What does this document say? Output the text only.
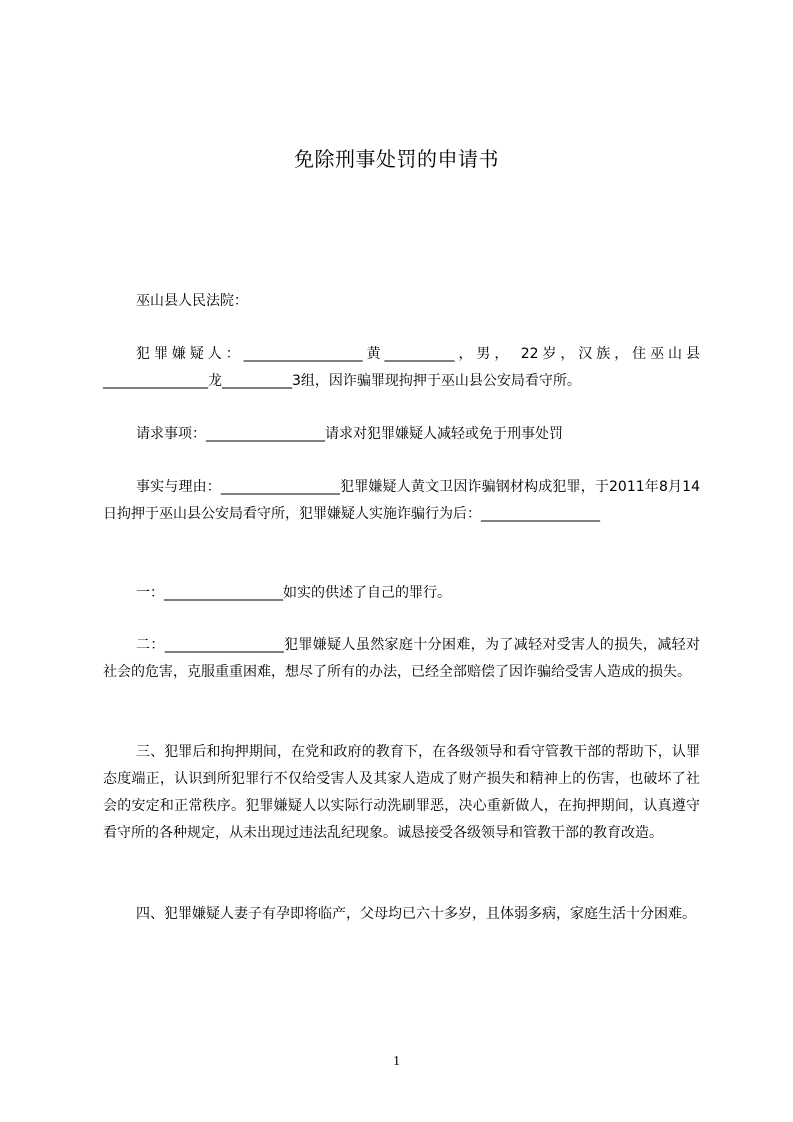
免除刑事处罚的申请书

巫山县人民法院：

犯罪嫌疑人：_________________黄__________，男， 22岁，汉族，住巫山县_______________龙__________3组，因诈骗罪现拘押于巫山县公安局看守所。

请求事项：_________________请求对犯罪嫌疑人减轻或免于刑事处罚

事实与理由：_________________犯罪嫌疑人黄文卫因诈骗钢材构成犯罪，于2011年8月14日拘押于巫山县公安局看守所，犯罪嫌疑人实施诈骗行为后：_________________

一：_________________如实的供述了自己的罪行。

二：_________________犯罪嫌疑人虽然家庭十分困难，为了减轻对受害人的损失，减轻对社会的危害，克服重重困难，想尽了所有的办法，已经全部赔偿了因诈骗给受害人造成的损失。

三、犯罪后和拘押期间，在党和政府的教育下，在各级领导和看守管教干部的帮助下，认罪态度端正，认识到所犯罪行不仅给受害人及其家人造成了财产损失和精神上的伤害，也破坏了社会的安定和正常秩序。犯罪嫌疑人以实际行动洗刷罪恶，决心重新做人，在拘押期间，认真遵守看守所的各种规定，从未出现过违法乱纪现象。诚恳接受各级领导和管教干部的教育改造。

四、犯罪嫌疑人妻子有孕即将临产，父母均已六十多岁，且体弱多病，家庭生活十分困难。

1
